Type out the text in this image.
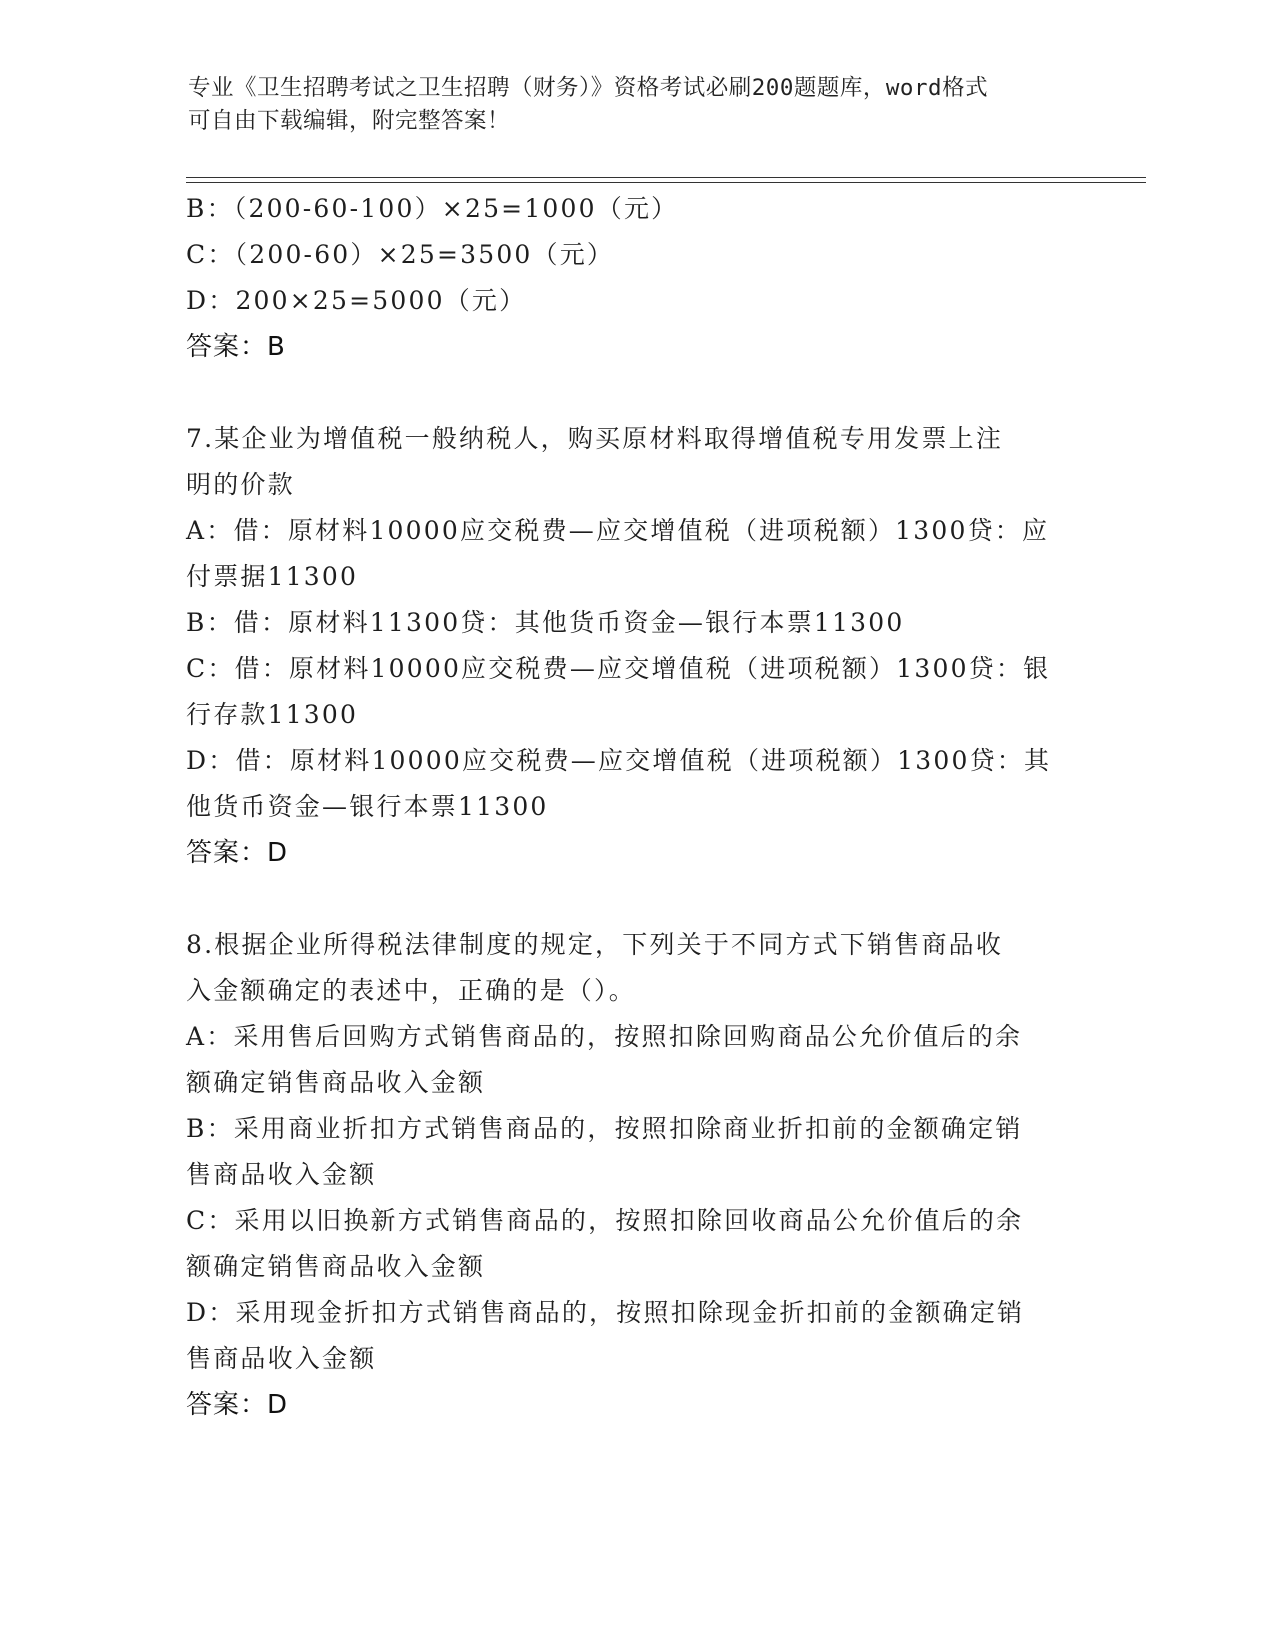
专业《卫生招聘考试之卫生招聘（财务）》资格考试必刷200题题库，word格式
可自由下载编辑，附完整答案！
B：（200-60-100）×25=1000（元）
C：（200-60）×25=3500（元）
D：200×25=5000（元）
答案：B
7.某企业为增值税一般纳税人，购买原材料取得增值税专用发票上注
明的价款
A：借：原材料10000应交税费—应交增值税（进项税额）1300贷：应
付票据11300
B：借：原材料11300贷：其他货币资金—银行本票11300
C：借：原材料10000应交税费—应交增值税（进项税额）1300贷：银
行存款11300
D：借：原材料10000应交税费—应交增值税（进项税额）1300贷：其
他货币资金—银行本票11300
答案：D
8.根据企业所得税法律制度的规定，下列关于不同方式下销售商品收
入金额确定的表述中，正确的是（）。
A：采用售后回购方式销售商品的，按照扣除回购商品公允价值后的余
额确定销售商品收入金额
B：采用商业折扣方式销售商品的，按照扣除商业折扣前的金额确定销
售商品收入金额
C：采用以旧换新方式销售商品的，按照扣除回收商品公允价值后的余
额确定销售商品收入金额
D：采用现金折扣方式销售商品的，按照扣除现金折扣前的金额确定销
售商品收入金额
答案：D
